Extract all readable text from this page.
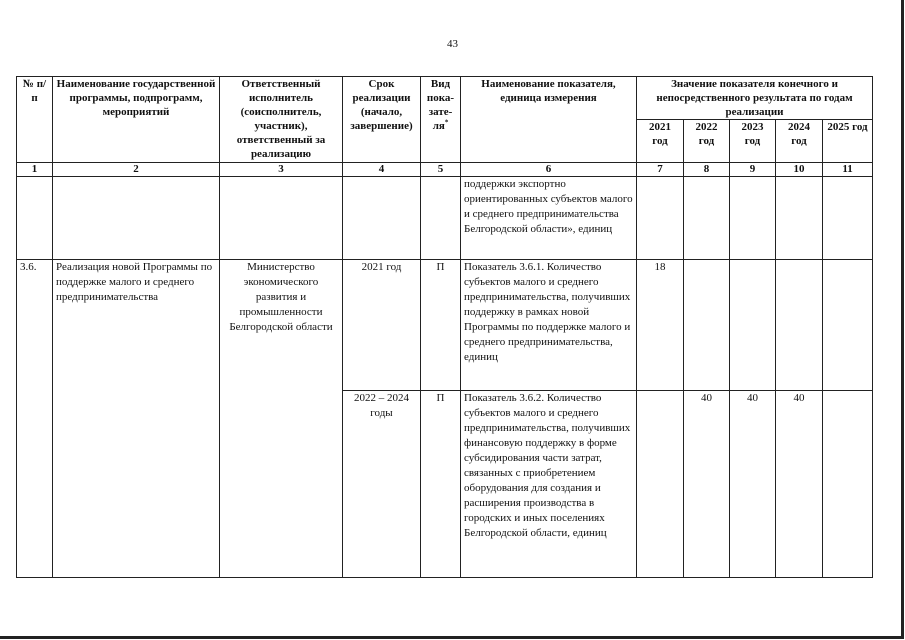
43
№ п/п	Наименование государственной программы, подпрограмм, мероприятий	Ответственный исполнитель (соисполнитель, участник), ответственный за реализацию	Срок реализации (начало, завершение)	Вид пока-зате-ля*	Наименование показателя, единица измерения	Значение показателя конечного и непосредственного результата по годам реализации				
						2021 год	2022 год	2023 год	2024 год	2025 год
1	2	3	4	5	6	7	8	9	10	11
					поддержки экспортно ориентированных субъектов малого и среднего предпринимательства Белгородской области», единиц					
3.6.	Реализация новой Программы по поддержке малого и среднего предпринимательства	Министерство экономического развития и промышленности Белгородской области	2021 год	П	Показатель 3.6.1. Количество субъектов малого и среднего предпринимательства, получивших поддержку в рамках новой Программы по поддержке малого и среднего предпринимательства, единиц	18				
			2022 – 2024 годы	П	Показатель 3.6.2. Количество субъектов малого и среднего предпринимательства, получивших финансовую поддержку в форме субсидирования части затрат, связанных с приобретением оборудования для создания и расширения производства в городских и иных поселениях Белгородской области, единиц		40	40	40	
